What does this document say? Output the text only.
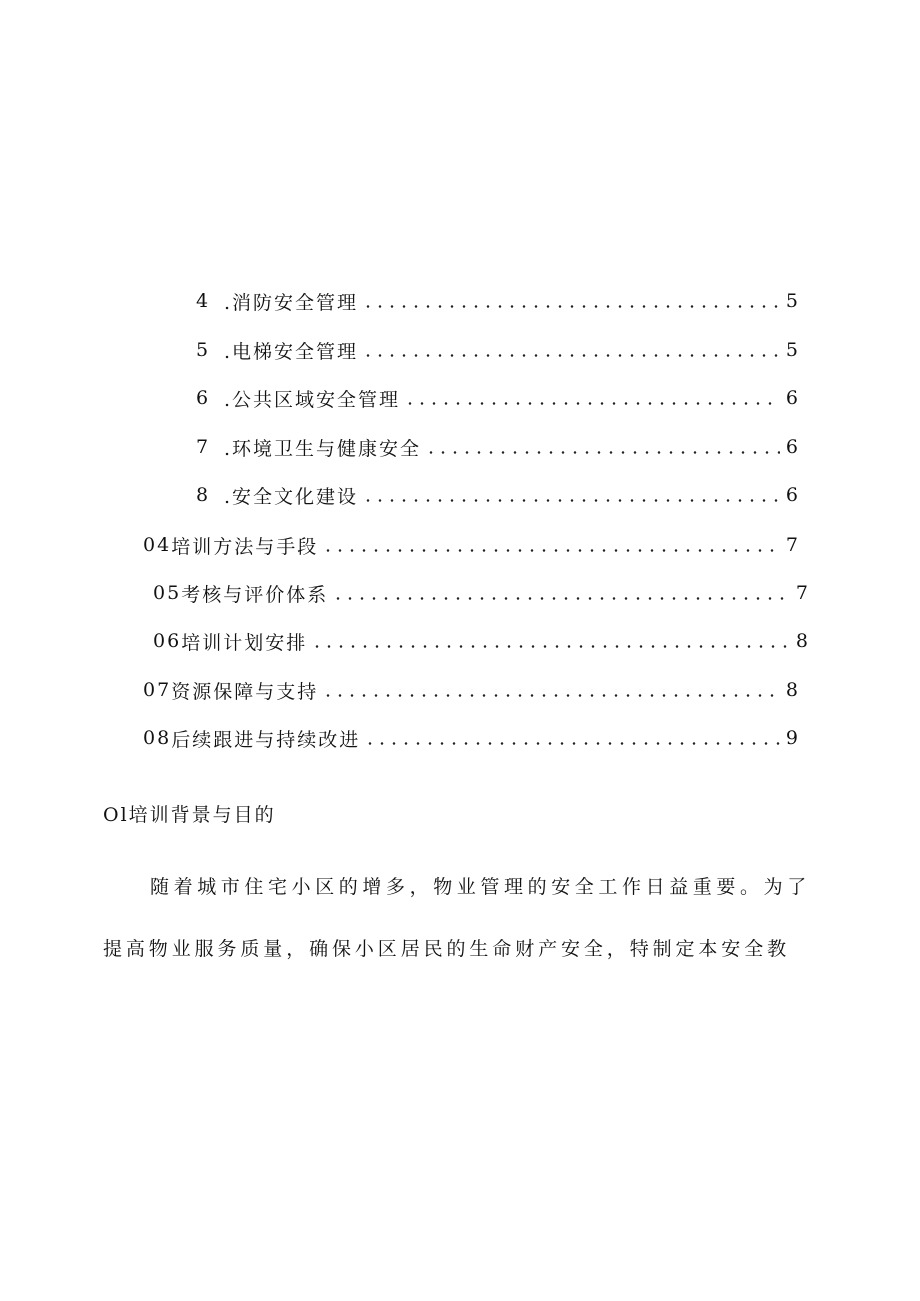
4 .消防安全管理	5
5 .电梯安全管理	5
6 .公共区域安全管理	6
7 .环境卫生与健康安全	6
8 .安全文化建设	6
04 培训方法与手段	7
05 考核与评价体系	7
06 培训计划安排	8
07 资源保障与支持	8
08 后续跟进与持续改进	9
Ol培训背景与目的
随着城市住宅小区的增多，物业管理的安全工作日益重要。为了
提高物业服务质量，确保小区居民的生命财产安全，特制定本安全教
